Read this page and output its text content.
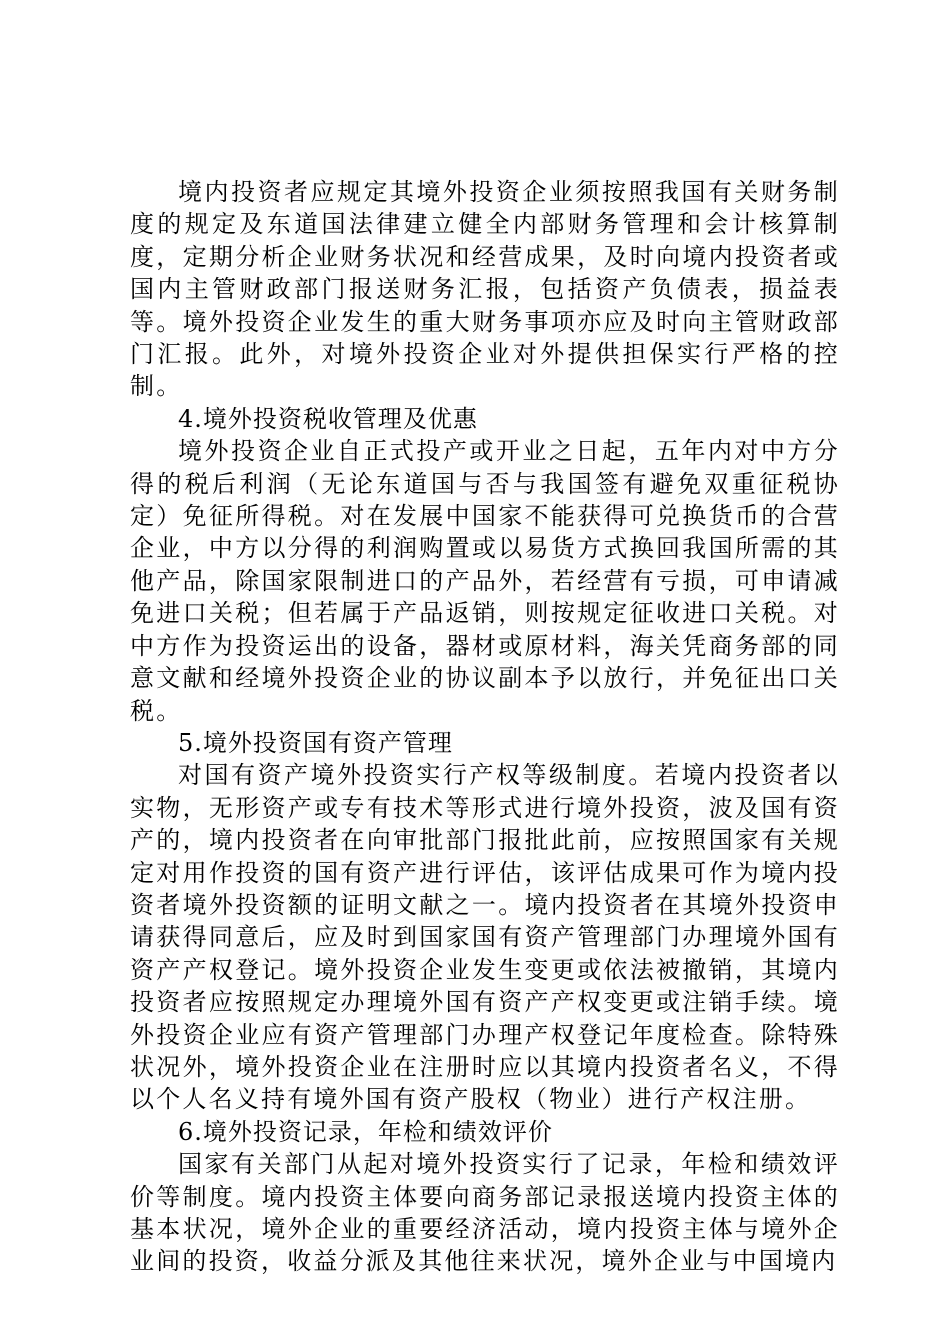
境内投资者应规定其境外投资企业须按照我国有关财务制度的规定及东道国法律建立健全内部财务管理和会计核算制度，定期分析企业财务状况和经营成果，及时向境内投资者或国内主管财政部门报送财务汇报，包括资产负债表，损益表等。境外投资企业发生的重大财务事项亦应及时向主管财政部门汇报。此外，对境外投资企业对外提供担保实行严格的控制。

4.境外投资税收管理及优惠

境外投资企业自正式投产或开业之日起，五年内对中方分得的税后利润（无论东道国与否与我国签有避免双重征税协定）免征所得税。对在发展中国家不能获得可兑换货币的合营企业，中方以分得的利润购置或以易货方式换回我国所需的其他产品，除国家限制进口的产品外，若经营有亏损，可申请减免进口关税；但若属于产品返销，则按规定征收进口关税。对中方作为投资运出的设备，器材或原材料，海关凭商务部的同意文献和经境外投资企业的协议副本予以放行，并免征出口关税。

5.境外投资国有资产管理

对国有资产境外投资实行产权等级制度。若境内投资者以实物，无形资产或专有技术等形式进行境外投资，波及国有资产的，境内投资者在向审批部门报批此前，应按照国家有关规定对用作投资的国有资产进行评估，该评估成果可作为境内投资者境外投资额的证明文献之一。境内投资者在其境外投资申请获得同意后，应及时到国家国有资产管理部门办理境外国有资产产权登记。境外投资企业发生变更或依法被撤销，其境内投资者应按照规定办理境外国有资产产权变更或注销手续。境外投资企业应有资产管理部门办理产权登记年度检查。除特殊状况外，境外投资企业在注册时应以其境内投资者名义，不得以个人名义持有境外国有资产股权（物业）进行产权注册。

6.境外投资记录，年检和绩效评价

国家有关部门从起对境外投资实行了记录，年检和绩效评价等制度。境内投资主体要向商务部记录报送境内投资主体的基本状况，境外企业的重要经济活动，境内投资主体与境外企业间的投资，收益分派及其他往来状况，境外企业与中国境内
